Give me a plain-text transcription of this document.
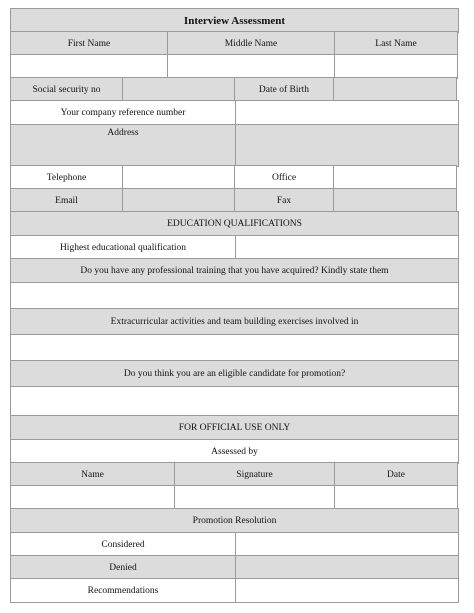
Interview Assessment
First Name	Middle Name	Last Name
Social security no	Date of Birth
Your company reference number
Address
Telephone	Office
Email	Fax
EDUCATION QUALIFICATIONS
Highest educational qualification
Do you have any professional training that you have acquired? Kindly state them
Extracurricular activities and team building exercises involved in
Do you think you are an eligible candidate for promotion?
FOR OFFICIAL USE ONLY
Assessed by
Name	Signature	Date
Promotion Resolution
Considered
Denied
Recommendations
